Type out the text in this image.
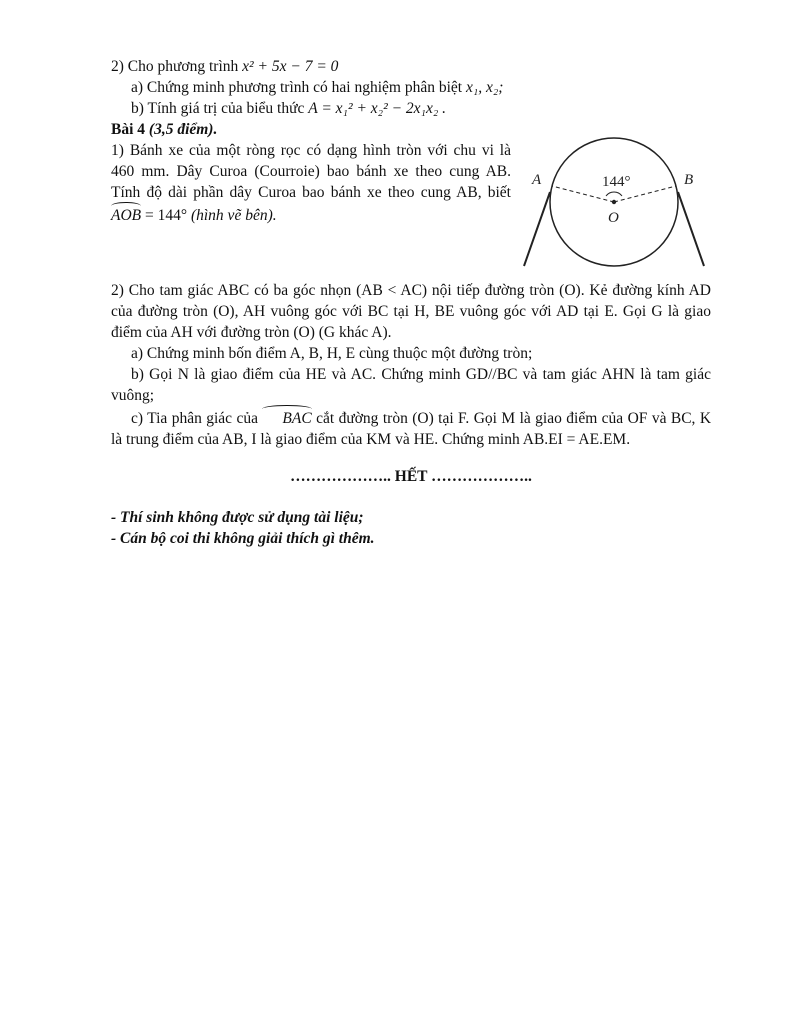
2) Cho phương trình x² + 5x − 7 = 0
a) Chứng minh phương trình có hai nghiệm phân biệt x₁, x₂;
b) Tính giá trị của biểu thức A = x₁² + x₂² − 2x₁x₂ .
Bài 4 (3,5 điểm).
1) Bánh xe của một ròng rọc có dạng hình tròn với chu vi là
460 mm. Dây Curoa (Courroie) bao bánh xe theo cung AB.
Tính độ dài phần dây Curoa bao bánh xe theo cung AB, biết
AOB = 144° (hình vẽ bên).
2) Cho tam giác ABC có ba góc nhọn (AB < AC) nội tiếp đường tròn (O). Kẻ đường kính AD của đường tròn (O), AH vuông góc với BC tại H, BE vuông góc với AD tại E. Gọi G là giao điểm của AH với đường tròn (O) (G khác A).
a) Chứng minh bốn điểm A, B, H, E cùng thuộc một đường tròn;
b) Gọi N là giao điểm của HE và AC. Chứng minh GD//BC và tam giác AHN là tam giác vuông;
c) Tia phân giác của BAC cắt đường tròn (O) tại F. Gọi M là giao điểm của OF và BC, K là trung điểm của AB, I là giao điểm của KM và HE. Chứng minh AB.EI = AE.EM.
……………….. HẾT ………………..
- Thí sinh không được sử dụng tài liệu;
- Cán bộ coi thi không giải thích gì thêm.
A	B
O
144°
